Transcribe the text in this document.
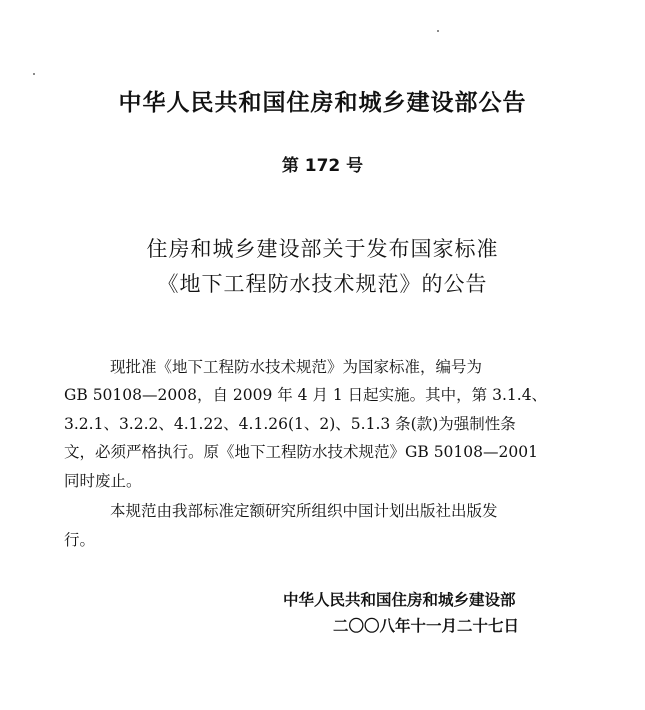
中华人民共和国住房和城乡建设部公告
第 172 号
住房和城乡建设部关于发布国家标准
《地下工程防水技术规范》的公告
现批准《地下工程防水技术规范》为国家标准，编号为
GB 50108—2008，自 2009 年 4 月 1 日起实施。其中，第 3.1.4、
3.2.1、3.2.2、4.1.22、4.1.26(1、2)、5.1.3 条(款)为强制性条
文，必须严格执行。原《地下工程防水技术规范》GB 50108—2001
同时废止。
本规范由我部标准定额研究所组织中国计划出版社出版发
行。
中华人民共和国住房和城乡建设部
二〇〇八年十一月二十七日
